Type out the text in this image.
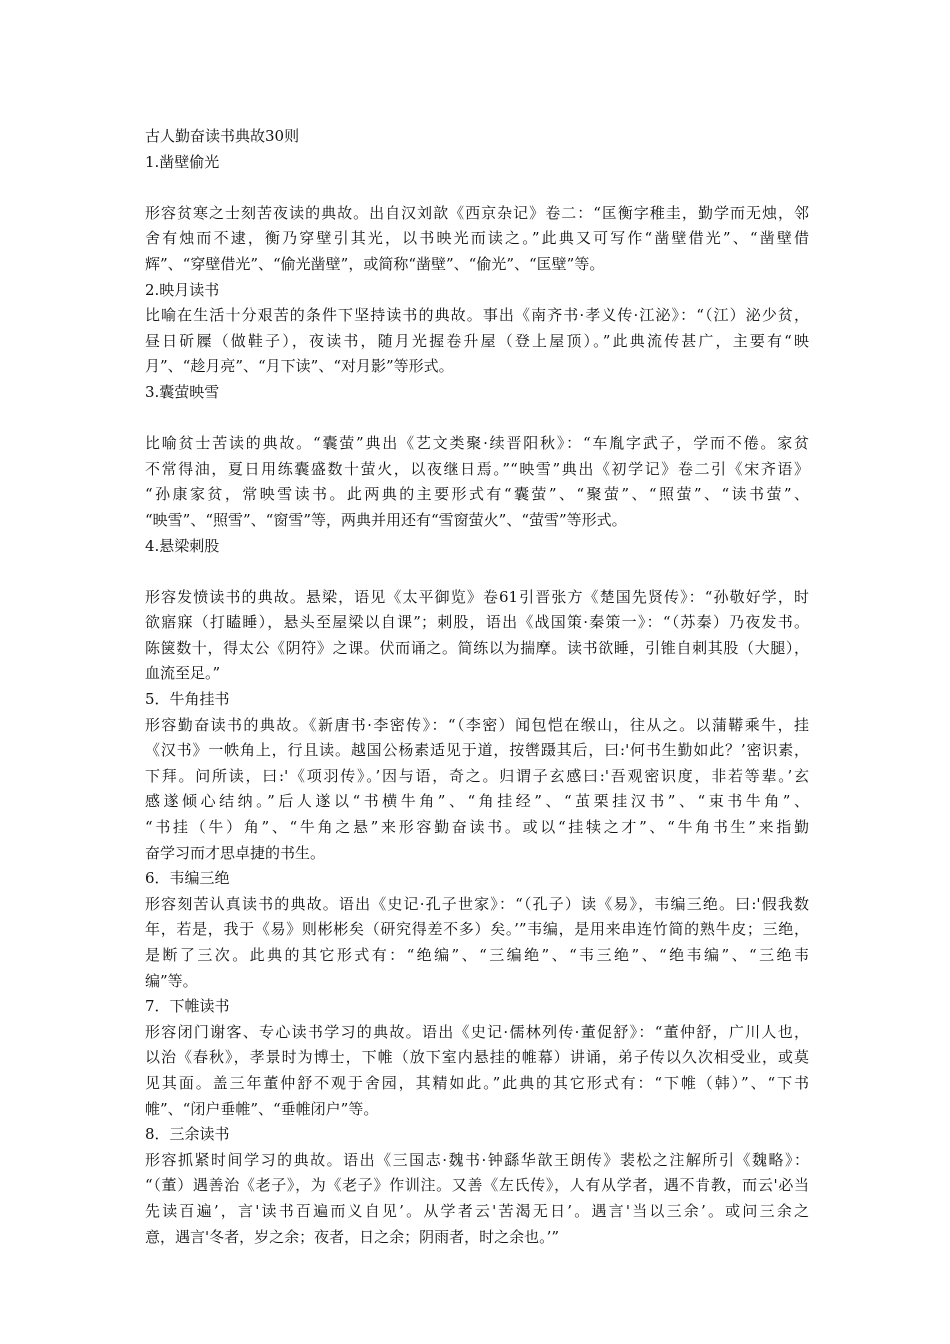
古人勤奋读书典故30则
1.凿壁偷光
形容贫寒之士刻苦夜读的典故。出自汉刘歆《西京杂记》卷二：“匡衡字稚圭，勤学而无烛，邻
舍有烛而不逮，衡乃穿壁引其光，以书映光而读之。”此典又可写作“凿壁借光”、“凿壁借
辉”、“穿壁借光”、“偷光凿壁”，或简称“凿壁”、“偷光”、“匡壁”等。
2.映月读书
比喻在生活十分艰苦的条件下坚持读书的典故。事出《南齐书·孝义传·江泌》：“（江）泌少贫，
昼日斫屧（做鞋子），夜读书，随月光握卷升屋（登上屋顶）。”此典流传甚广，主要有“映
月”、“趁月亮”、“月下读”、“对月影”等形式。
3.囊萤映雪
比喻贫士苦读的典故。“囊萤”典出《艺文类聚·续晋阳秋》：“车胤字武子，学而不倦。家贫
不常得油，夏日用练囊盛数十萤火，以夜继日焉。”“映雪”典出《初学记》卷二引《宋齐语》
“孙康家贫，常映雪读书。此两典的主要形式有“囊萤”、“聚萤”、“照萤”、“读书萤”、
“映雪”、“照雪”、“窗雪”等，两典并用还有“雪窗萤火”、“萤雪”等形式。
4.悬梁刺股
形容发愤读书的典故。悬梁，语见《太平御览》卷61引晋张方《楚国先贤传》：“孙敬好学，时
欲寤寐（打瞌睡），悬头至屋梁以自课”；刺股，语出《战国策·秦策一》：“（苏秦）乃夜发书。
陈箧数十，得太公《阴符》之课。伏而诵之。简练以为揣摩。读书欲睡，引锥自刺其股（大腿），
血流至足。”
5．牛角挂书
形容勤奋读书的典故。《新唐书·李密传》：“（李密）闻包恺在缑山，往从之。以蒲鞯乘牛，挂
《汉书》一帙角上，行且读。越国公杨素适见于道，按辔蹑其后，曰:'何书生勤如此？’密识素，
下拜。问所读，曰:'《项羽传》。’因与语，奇之。归谓子玄感曰:'吾观密识度，非若等辈。’玄
感遂倾心结纳。”后人遂以“书横牛角”、“角挂经”、“茧栗挂汉书”、“束书牛角”、
“书挂（牛）角”、“牛角之悬”来形容勤奋读书。或以“挂犊之才”、“牛角书生”来指勤
奋学习而才思卓捷的书生。
6．韦编三绝
形容刻苦认真读书的典故。语出《史记·孔子世家》：“（孔子）读《易》，韦编三绝。曰:'假我数
年，若是，我于《易》则彬彬矣（研究得差不多）矣。’”韦编，是用来串连竹简的熟牛皮；三绝，
是断了三次。此典的其它形式有：“绝编”、“三编绝”、“韦三绝”、“绝韦编”、“三绝韦
编”等。
7．下帷读书
形容闭门谢客、专心读书学习的典故。语出《史记·儒林列传·董促舒》：“董仲舒，广川人也，
以治《春秋》，孝景时为博士，下帷（放下室内悬挂的帷幕）讲诵，弟子传以久次相受业，或莫
见其面。盖三年董仲舒不观于舍园，其精如此。”此典的其它形式有：“下帷（韩）”、“下书
帷”、“闭户垂帷”、“垂帷闭户”等。
8．三余读书
形容抓紧时间学习的典故。语出《三国志·魏书·钟繇华歆王朗传》裴松之注解所引《魏略》：
“（董）遇善治《老子》，为《老子》作训注。又善《左氏传》，人有从学者，遇不肯教，而云'必当
先读百遍’，言'读书百遍而义自见’。从学者云'苦渴无日’。遇言'当以三余’。或问三余之
意，遇言'冬者，岁之余；夜者，日之余；阴雨者，时之余也。’”
